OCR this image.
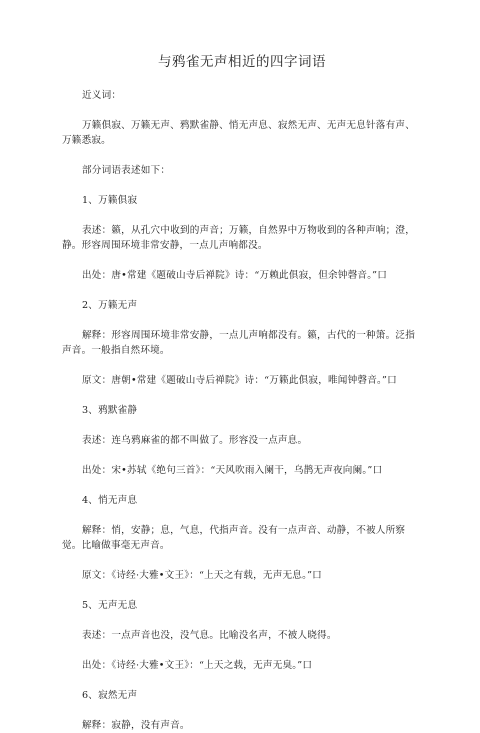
与鸦雀无声相近的四字词语
近义词：
万籁俱寂、万籁无声、鸦默雀静、悄无声息、寂然无声、无声无息针落有声、万籁悉寂。
部分词语表述如下：
1、万籁俱寂
表述：籁，从孔穴中收到的声音；万籁，自然界中万物收到的各种声响；澄，静。形容周围环境非常安静，一点儿声响都没。
出处：唐•常建《题破山寺后禅院》诗：“万赖此俱寂，但余钟磬音。”口
2、万籁无声
解释：形容周围环境非常安静，一点儿声响都没有。籁，古代的一种箫。泛指声音。一般指自然环境。
原文：唐朝•常建《题破山寺后禅院》诗：“万籁此俱寂，唯闻钟磬音。”口
3、鸦默雀静
表述：连乌鸦麻雀的都不叫做了。形容没一点声息。
出处：宋•苏轼《绝句三首》：“天风吹雨入阑干，乌鹊无声夜向阑。”口
4、悄无声息
解释：悄，安静；息，气息，代指声音。没有一点声音、动静，不被人所察觉。比喻做事毫无声音。
原文：《诗经·大雅•文王》：“上天之有载，无声无息。”口
5、无声无息
表述：一点声音也没，没气息。比喻没名声，不被人晓得。
出处：《诗经·大雅•文王》：“上天之载，无声无臭。”口
6、寂然无声
解释：寂静，没有声音。
